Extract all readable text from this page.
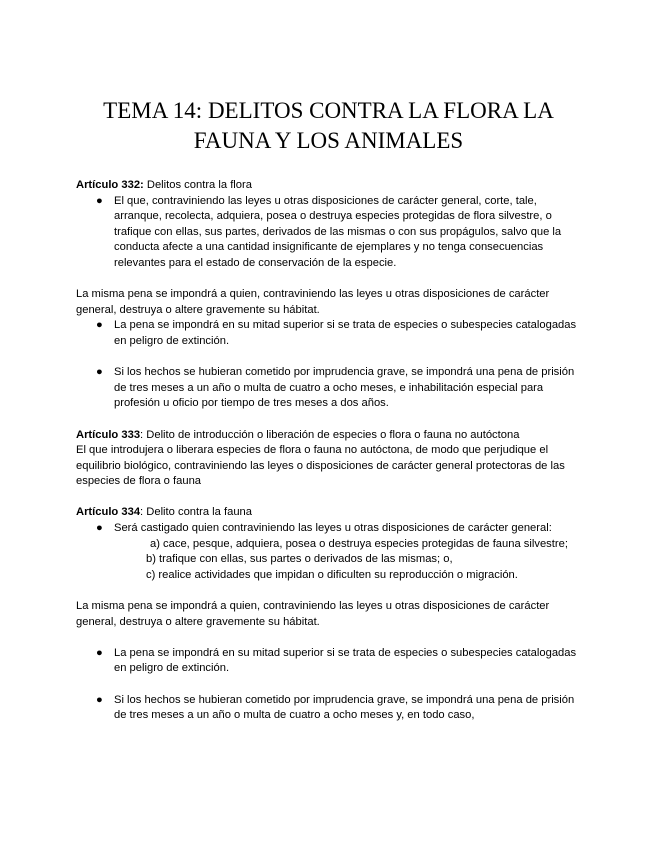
TEMA 14: DELITOS CONTRA LA FLORA LA
FAUNA Y LOS ANIMALES

Artículo 332: Delitos contra la flora

● El que, contraviniendo las leyes u otras disposiciones de carácter general, corte, tale, arranque, recolecta, adquiera, posea o destruya especies protegidas de flora silvestre, o trafique con ellas, sus partes, derivados de las mismas o con sus propágulos, salvo que la conducta afecte a una cantidad insignificante de ejemplares y no tenga consecuencias relevantes para el estado de conservación de la especie.

La misma pena se impondrá a quien, contraviniendo las leyes u otras disposiciones de carácter general, destruya o altere gravemente su hábitat.

● La pena se impondrá en su mitad superior si se trata de especies o subespecies catalogadas en peligro de extinción.
● Si los hechos se hubieran cometido por imprudencia grave, se impondrá una pena de prisión de tres meses a un año o multa de cuatro a ocho meses, e inhabilitación especial para profesión u oficio por tiempo de tres meses a dos años.

Artículo 333: Delito de introducción o liberación de especies o flora o fauna no autóctona

El que introdujera o liberara especies de flora o fauna no autóctona, de modo que perjudique el equilibrio biológico, contraviniendo las leyes o disposiciones de carácter general protectoras de las especies de flora o fauna

Artículo 334: Delito contra la fauna

● Será castigado quien contraviniendo las leyes u otras disposiciones de carácter general:
a) cace, pesque, adquiera, posea o destruya especies protegidas de fauna silvestre;
b) trafique con ellas, sus partes o derivados de las mismas; o,
c) realice actividades que impidan o dificulten su reproducción o migración.

La misma pena se impondrá a quien, contraviniendo las leyes u otras disposiciones de carácter general, destruya o altere gravemente su hábitat.

● La pena se impondrá en su mitad superior si se trata de especies o subespecies catalogadas en peligro de extinción.
● Si los hechos se hubieran cometido por imprudencia grave, se impondrá una pena de prisión de tres meses a un año o multa de cuatro a ocho meses y, en todo caso,
